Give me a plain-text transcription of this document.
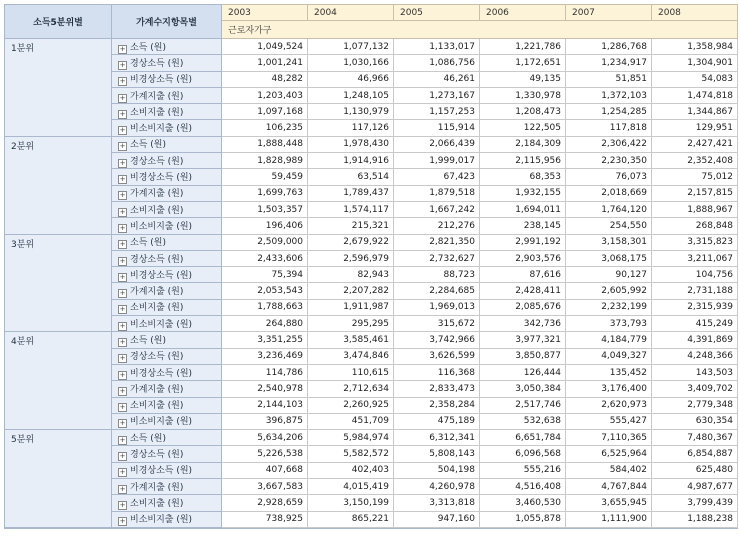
소득5분위별	가계수지항목별	2003	2004	2005	2006	2007	2008
		근로자가구					
1분위	+ 소득 (원)	1,049,524	1,077,132	1,133,017	1,221,786	1,286,768	1,358,984
	+ 경상소득 (원)	1,001,241	1,030,166	1,086,756	1,172,651	1,234,917	1,304,901
	+ 비경상소득 (원)	48,282	46,966	46,261	49,135	51,851	54,083
	+ 가계지출 (원)	1,203,403	1,248,105	1,273,167	1,330,978	1,372,103	1,474,818
	+ 소비지출 (원)	1,097,168	1,130,979	1,157,253	1,208,473	1,254,285	1,344,867
	+ 비소비지출 (원)	106,235	117,126	115,914	122,505	117,818	129,951
2분위	+ 소득 (원)	1,888,448	1,978,430	2,066,439	2,184,309	2,306,422	2,427,421
	+ 경상소득 (원)	1,828,989	1,914,916	1,999,017	2,115,956	2,230,350	2,352,408
	+ 비경상소득 (원)	59,459	63,514	67,423	68,353	76,073	75,012
	+ 가계지출 (원)	1,699,763	1,789,437	1,879,518	1,932,155	2,018,669	2,157,815
	+ 소비지출 (원)	1,503,357	1,574,117	1,667,242	1,694,011	1,764,120	1,888,967
	+ 비소비지출 (원)	196,406	215,321	212,276	238,145	254,550	268,848
3분위	+ 소득 (원)	2,509,000	2,679,922	2,821,350	2,991,192	3,158,301	3,315,823
	+ 경상소득 (원)	2,433,606	2,596,979	2,732,627	2,903,576	3,068,175	3,211,067
	+ 비경상소득 (원)	75,394	82,943	88,723	87,616	90,127	104,756
	+ 가계지출 (원)	2,053,543	2,207,282	2,284,685	2,428,411	2,605,992	2,731,188
	+ 소비지출 (원)	1,788,663	1,911,987	1,969,013	2,085,676	2,232,199	2,315,939
	+ 비소비지출 (원)	264,880	295,295	315,672	342,736	373,793	415,249
4분위	+ 소득 (원)	3,351,255	3,585,461	3,742,966	3,977,321	4,184,779	4,391,869
	+ 경상소득 (원)	3,236,469	3,474,846	3,626,599	3,850,877	4,049,327	4,248,366
	+ 비경상소득 (원)	114,786	110,615	116,368	126,444	135,452	143,503
	+ 가계지출 (원)	2,540,978	2,712,634	2,833,473	3,050,384	3,176,400	3,409,702
	+ 소비지출 (원)	2,144,103	2,260,925	2,358,284	2,517,746	2,620,973	2,779,348
	+ 비소비지출 (원)	396,875	451,709	475,189	532,638	555,427	630,354
5분위	+ 소득 (원)	5,634,206	5,984,974	6,312,341	6,651,784	7,110,365	7,480,367
	+ 경상소득 (원)	5,226,538	5,582,572	5,808,143	6,096,568	6,525,964	6,854,887
	+ 비경상소득 (원)	407,668	402,403	504,198	555,216	584,402	625,480
	+ 가계지출 (원)	3,667,583	4,015,419	4,260,978	4,516,408	4,767,844	4,987,677
	+ 소비지출 (원)	2,928,659	3,150,199	3,313,818	3,460,530	3,655,945	3,799,439
	+ 비소비지출 (원)	738,925	865,221	947,160	1,055,878	1,111,900	1,188,238
